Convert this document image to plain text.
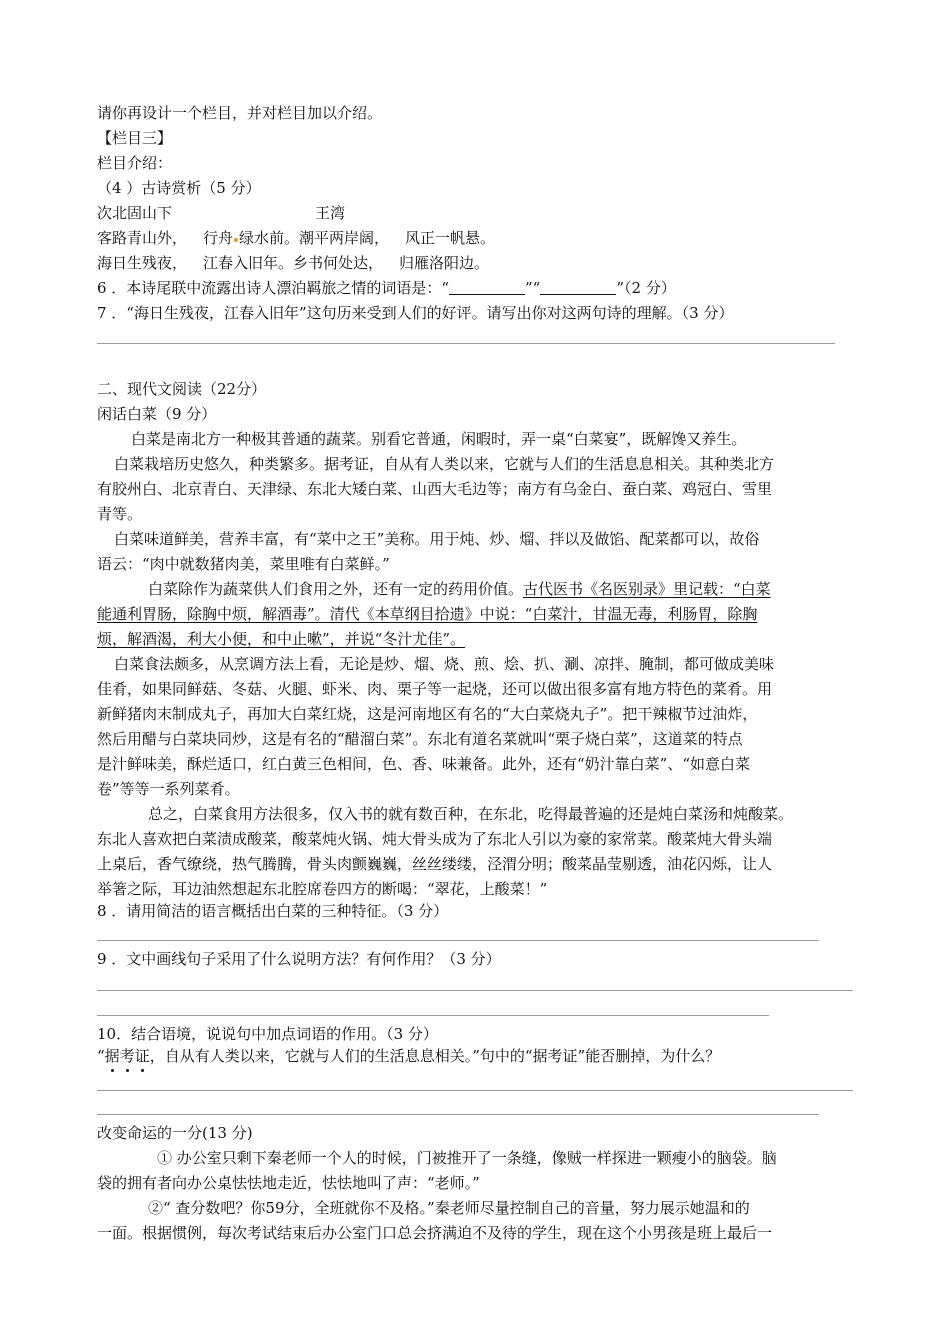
请你再设计一个栏目，并对栏目加以介绍。
【栏目三】
栏目介绍：
（4 ）古诗赏析（5 分）
次北固山下	王湾
客路青山外， 行舟 绿水前。潮平两岸阔， 风正一帆悬。
海日生残夜， 江春入旧年。乡书何处达， 归雁洛阳边。
6 ．本诗尾联中流露出诗人漂泊羁旅之情的词语是：“	”“	”（2 分）
7 ．“海日生残夜，江春入旧年”这句历来受到人们的好评。请写出你对这两句诗的理解。（3 分）
二、现代文阅读（22分）
闲话白菜（9 分）
白菜是南北方一种极其普通的蔬菜。别看它普通，闲暇时，弄一桌“白菜宴”，既解馋又养生。
白菜栽培历史悠久，种类繁多。据考证，自从有人类以来，它就与人们的生活息息相关。其种类北方
有胶州白、北京青白、天津绿、东北大矮白菜、山西大毛边等；南方有乌金白、蚕白菜、鸡冠白、雪里
青等。
白菜味道鲜美，营养丰富，有“菜中之王”美称。用于炖、炒、熘、拌以及做馅、配菜都可以，故俗
语云：“肉中就数猪肉美，菜里唯有白菜鲜。”
白菜除作为蔬菜供人们食用之外，还有一定的药用价值。古代医书《名医别录》里记载：“白菜
能通利胃肠，除胸中烦，解酒毒”。清代《本草纲目拾遗》中说：“白菜汁，甘温无毒，利肠胃，除胸
烦，解酒渴，利大小便，和中止嗽”，并说“冬汁尤佳”。
白菜食法颇多，从烹调方法上看，无论是炒、熘、烧、煎、烩、扒、涮、凉拌、腌制，都可做成美味
佳肴，如果同鲜菇、冬菇、火腿、虾米、肉、栗子等一起烧，还可以做出很多富有地方特色的菜肴。用
新鲜猪肉末制成丸子，再加大白菜红烧，这是河南地区有名的“大白菜烧丸子”。把干辣椒节过油炸，
然后用醋与白菜块同炒，这是有名的“醋溜白菜”。东北有道名菜就叫“栗子烧白菜”，这道菜的特点
是汁鲜味美，酥烂适口，红白黄三色相间，色、香、味兼备。此外，还有“奶汁靠白菜”、“如意白菜
卷”等等一系列菜肴。
总之，白菜食用方法很多，仅入书的就有数百种，在东北，吃得最普遍的还是炖白菜汤和炖酸菜。
东北人喜欢把白菜渍成酸菜，酸菜炖火锅、炖大骨头成为了东北人引以为豪的家常菜。酸菜炖大骨头端
上桌后，香气缭绕，热气腾腾，骨头肉颤巍巍，丝丝缕缕，泾渭分明；酸菜晶莹剔透，油花闪烁，让人
举箸之际，耳边油然想起东北腔席卷四方的断喝：“翠花，上酸菜！”
8 ．请用简洁的语言概括出白菜的三种特征。（3 分）
9 ．文中画线句子采用了什么说明方法？有何作用？（3 分）
10．结合语境，说说句中加点词语的作用。（3 分）
“据考证，自从有人类以来，它就与人们的生活息息相关。”句中的“据考证”能否删掉，为什么？
改变命运的一分(13 分)
① 办公室只剩下秦老师一个人的时候，门被推开了一条缝，像贼一样探进一颗瘦小的脑袋。脑
袋的拥有者向办公桌怯怯地走近，怯怯地叫了声：“老师。”
②“ 查分数吧？你59分，全班就你不及格。”秦老师尽量控制自己的音量，努力展示她温和的
一面。根据惯例，每次考试结束后办公室门口总会挤满迫不及待的学生，现在这个小男孩是班上最后一
